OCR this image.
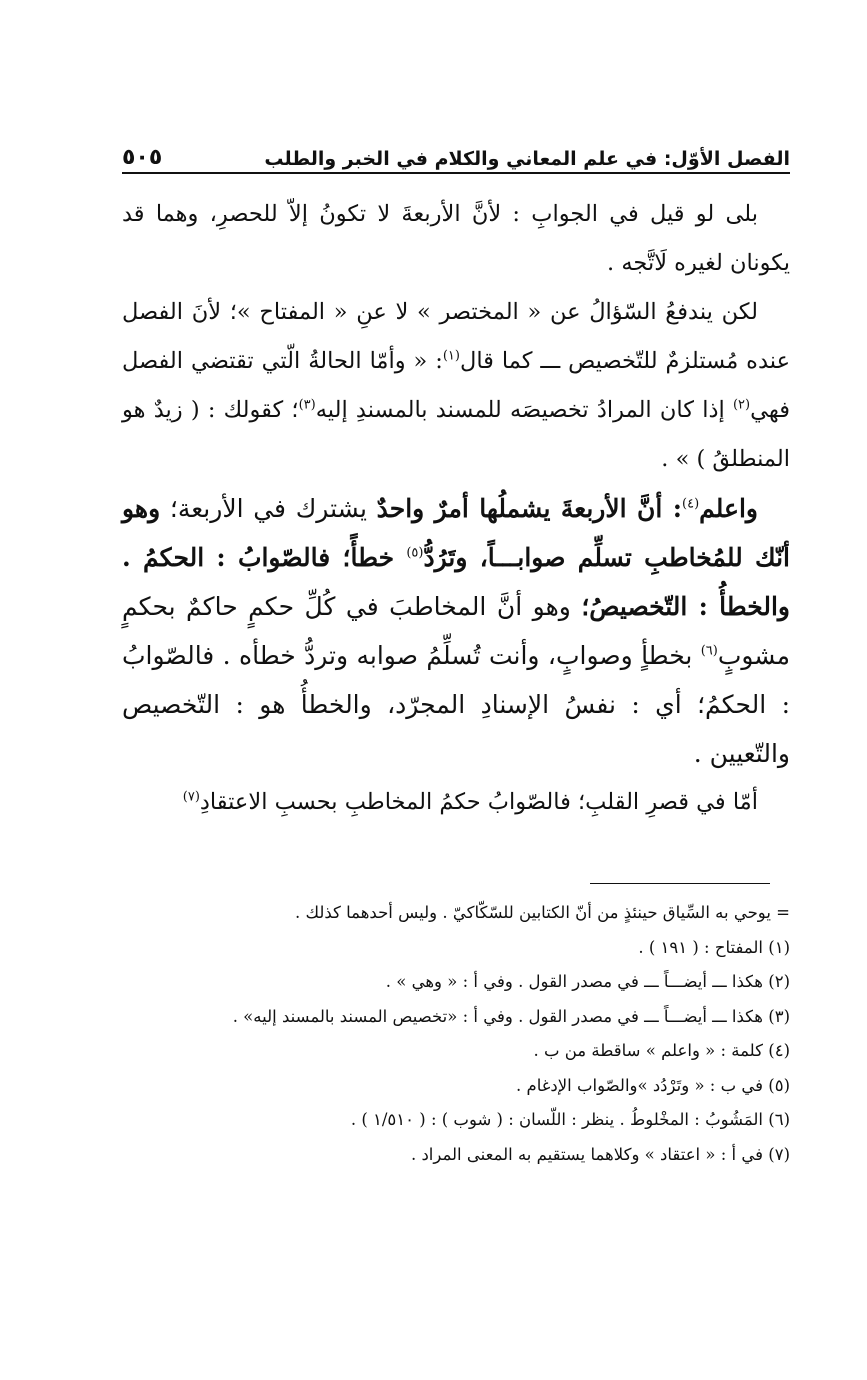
الفصل الأوّل: في علم المعاني والكلام في الخبر والطلب
٥٠٥

بلى لو قيل في الجوابِ : لأنَّ الأربعةَ لا تكونُ إلاّ للحصرِ، وهما قد يكونان لغيره لَاتَّجه .

لكن يندفعُ السّؤالُ عن « المختصر » لا عنِ « المفتاح »؛ لأنَ الفصل عنده مُستلزمٌ للتّخصيص ـــ كما قال$^{(١)}$: « وأمّا الحالةُ الّتي تقتضي الفصل فهي$^{(٢)}$ إذا كان المرادُ تخصيصَه للمسند بالمسندِ إليه$^{(٣)}$؛ كقولك : ( زيدٌ هو المنطلقُ ) » .

واعلم$^{(٤)}$: أنَّ الأربعةَ يشملُها أمرٌ واحدٌ يشترك في الأربعة؛ وهو أنّك للمُخاطبِ تسلِّم صوابـــاً، وتَرُدُّ$^{(٥)}$ خطأً؛ فالصّوابُ : الحكمُ . والخطأُ : التّخصيصُ؛ وهو أنَّ المخاطبَ في كُلِّ حكمٍ حاكمٌ بحكمٍ مشوبٍ$^{(٦)}$ بخطأٍ وصوابٍ، وأنت تُسلِّمُ صوابه وتردُّ خطأه . فالصّوابُ : الحكمُ؛ أي : نفسُ الإسنادِ المجرّد، والخطأُ هو : التّخصيص والتّعيين .

أمّا في قصرِ القلبِ؛ فالصّوابُ حكمُ المخاطبِ بحسبِ الاعتقادِ$^{(٧)}$

= يوحي به السِّياق حينئذٍ من أنّ الكتابين للسّكّاكيّ . وليس أحدهما كذلك .

(١) المفتاح : ( ١٩١ ) .

(٢) هكذا ـــ أيضـــاً ـــ في مصدر القول . وفي أ : « وهي » .

(٣) هكذا ـــ أيضـــاً ـــ في مصدر القول . وفي أ : «تخصيص المسند بالمسند إليه» .

(٤) كلمة : « واعلم » ساقطة من ب .

(٥) في ب : « وتَرْدُد »والصّواب الإدغام .

(٦) المَشُوبُ : المخْلوطُ . ينظر : اللّسان : ( شوب ) : ( ١/٥١٠ ) .

(٧) في أ : « اعتقاد » وكلاهما يستقيم به المعنى المراد .
